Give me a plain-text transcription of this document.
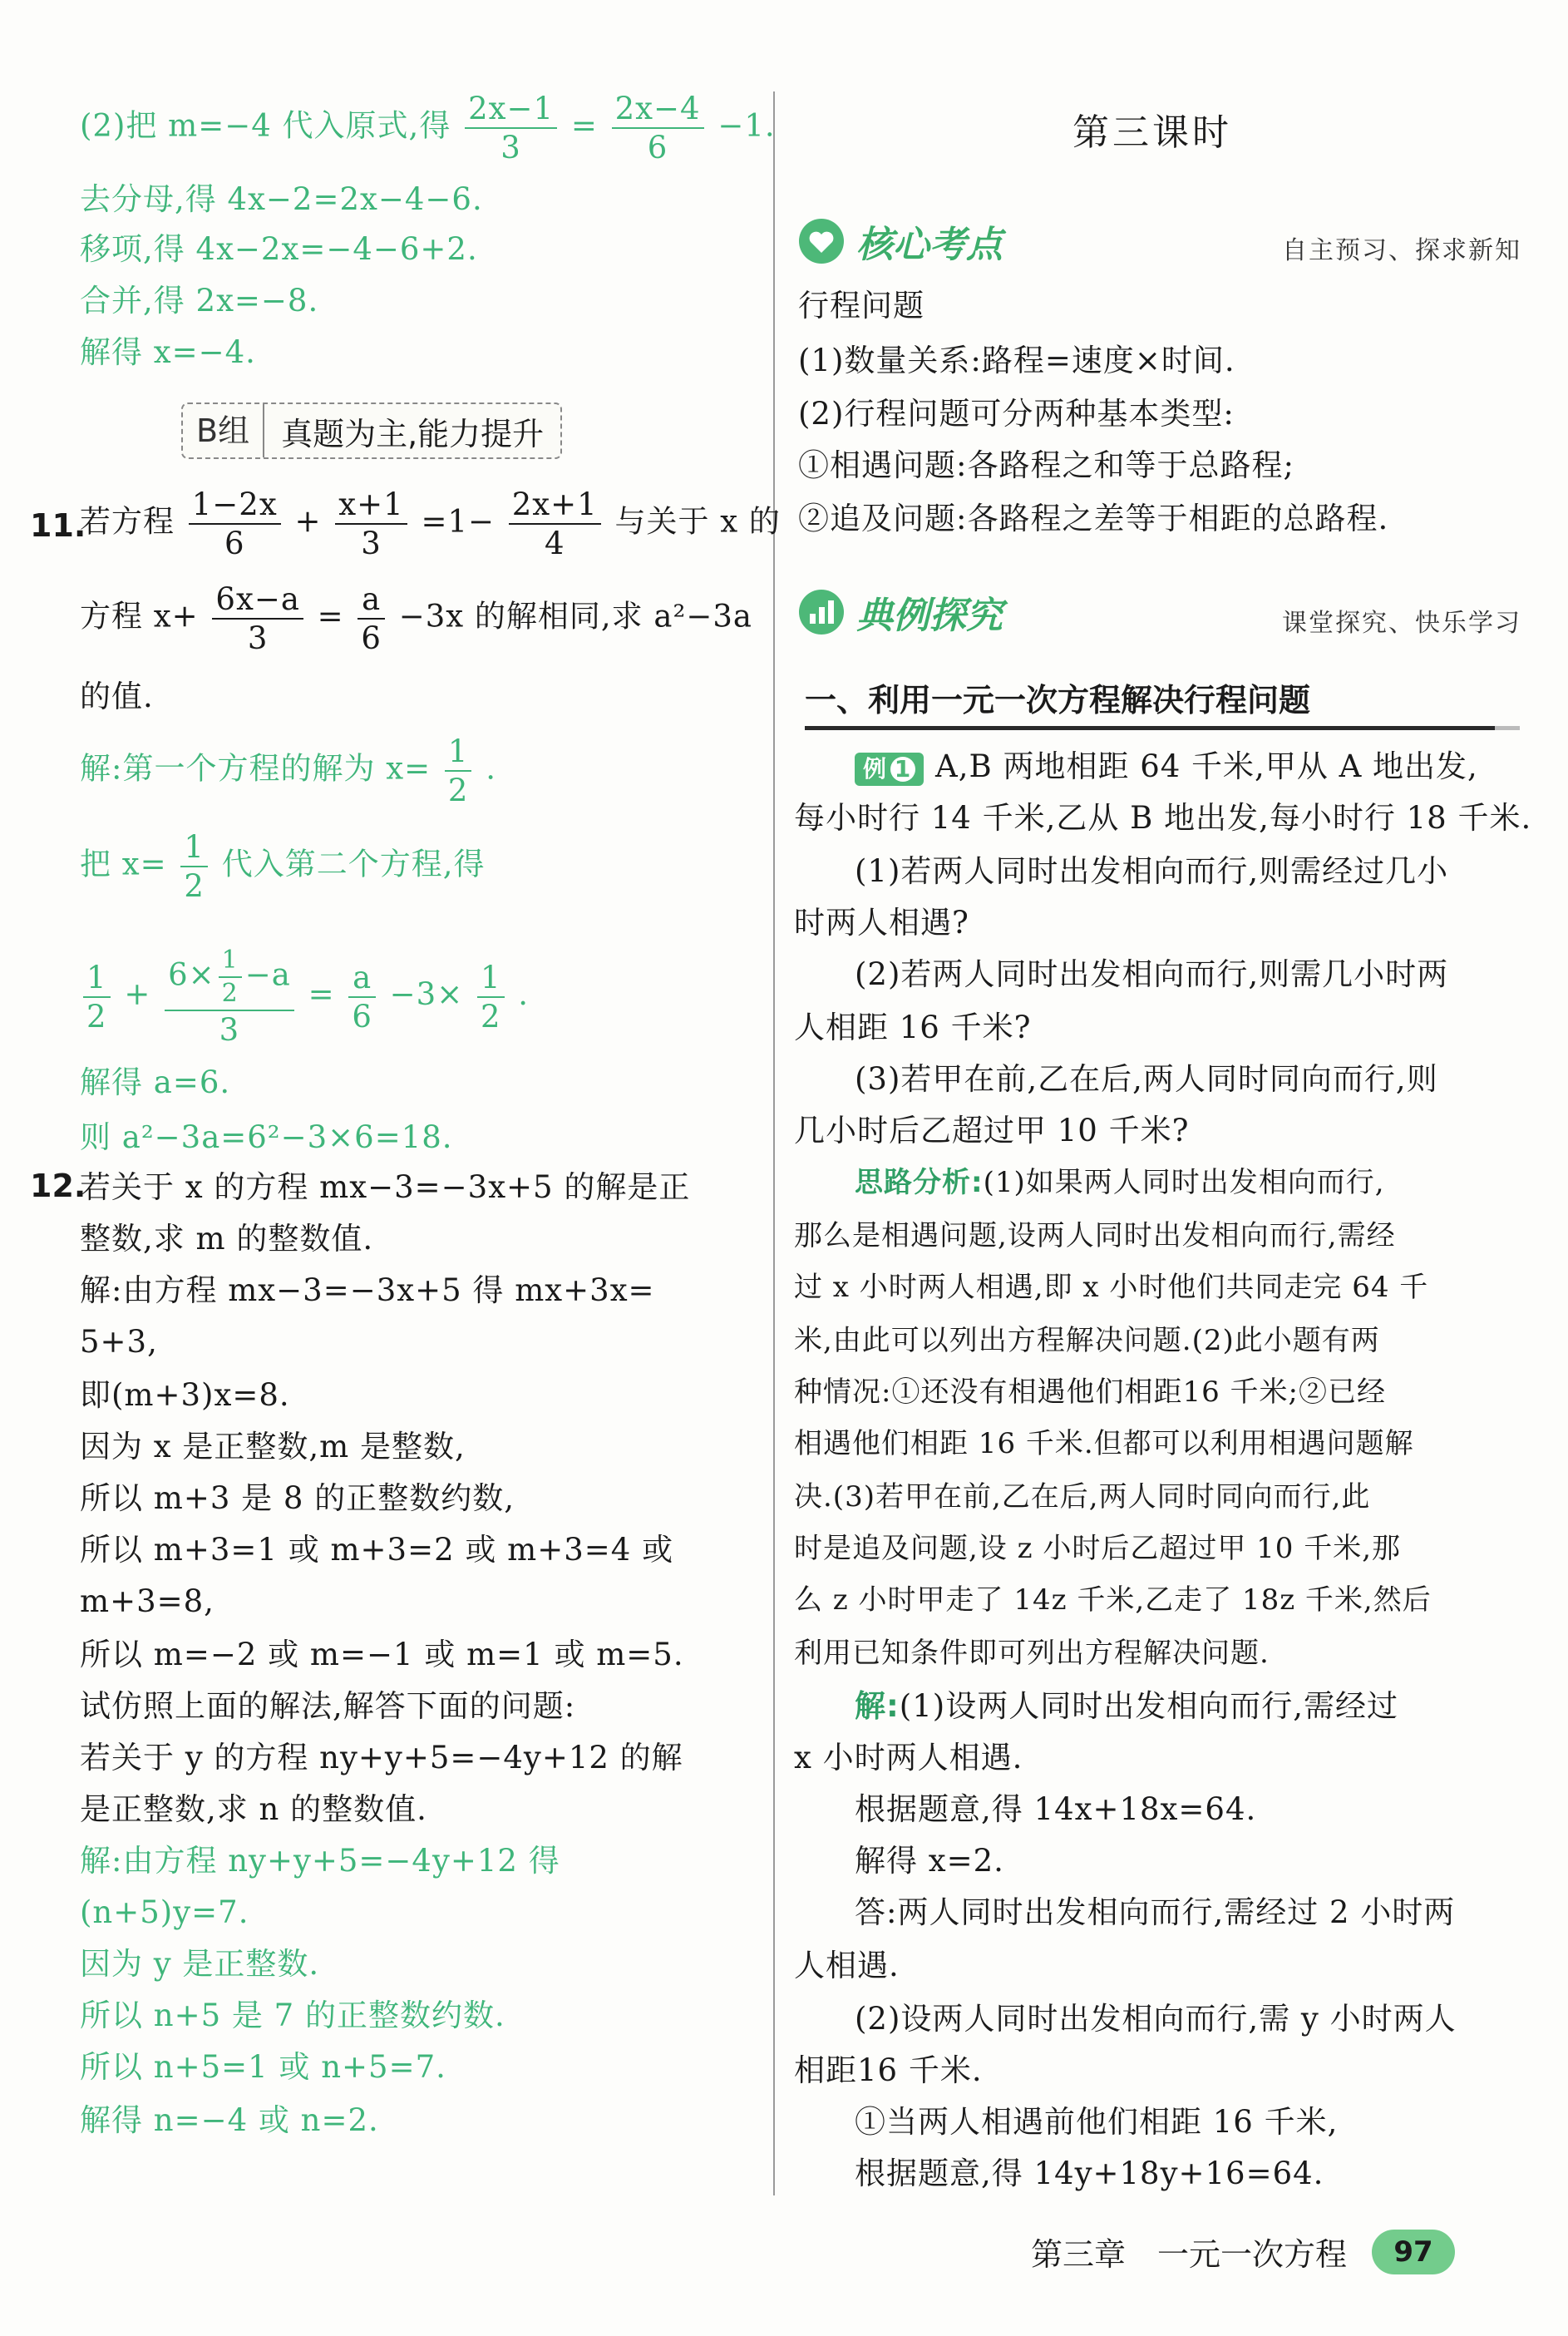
(2)把 m=−4 代入原式,得 $\frac{2x-1}{3} = \frac{2x-4}{6} -1$.
去分母,得 4x−2=2x−4−6.
移项,得 4x−2x=−4−6+2.
合并,得 2x=−8.
解得 x=−4.
B组	真题为主,能力提升
11.
若方程 $\frac{1-2x}{6} + \frac{x+1}{3} =1- \frac{2x+1}{4}$ 与关于 x 的
方程 $x+ \frac{6x-a}{3} = \frac{a}{6} -3x$ 的解相同,求 a²−3a
的值.
解:第一个方程的解为 $x= \frac{1}{2}$ .
把 $x= \frac{1}{2}$ 代入第二个方程,得
$\frac{1}{2} + \frac{6\times \frac{1}{2} -a}{3} = \frac{a}{6} -3\times \frac{1}{2}$ .
解得 a=6.
则 a²−3a=6²−3×6=18.
12.
若关于 x 的方程 mx−3=−3x+5 的解是正
整数,求 m 的整数值.
解:由方程 mx−3=−3x+5 得 mx+3x=
5+3,
即(m+3)x=8.
因为 x 是正整数,m 是整数,
所以 m+3 是 8 的正整数约数,
所以 m+3=1 或 m+3=2 或 m+3=4 或
m+3=8,
所以 m=−2 或 m=−1 或 m=1 或 m=5.
试仿照上面的解法,解答下面的问题:
若关于 y 的方程 ny+y+5=−4y+12 的解
是正整数,求 n 的整数值.
解:由方程 ny+y+5=−4y+12 得
(n+5)y=7.
因为 y 是正整数.
所以 n+5 是 7 的正整数约数.
所以 n+5=1 或 n+5=7.
解得 n=−4 或 n=2.
第三课时
核心考点	自主预习、探求新知
行程问题
(1)数量关系:路程=速度×时间.
(2)行程问题可分两种基本类型:
①相遇问题:各路程之和等于总路程;
②追及问题:各路程之差等于相距的总路程.
典例探究	课堂探究、快乐学习
一、利用一元一次方程解决行程问题
例 1 A,B 两地相距 64 千米,甲从 A 地出发,
每小时行 14 千米,乙从 B 地出发,每小时行 18 千米.
(1)若两人同时出发相向而行,则需经过几小
时两人相遇?
(2)若两人同时出发相向而行,则需几小时两
人相距 16 千米?
(3)若甲在前,乙在后,两人同时同向而行,则
几小时后乙超过甲 10 千米?
思路分析:(1)如果两人同时出发相向而行,
那么是相遇问题,设两人同时出发相向而行,需经
过 x 小时两人相遇,即 x 小时他们共同走完 64 千
米,由此可以列出方程解决问题.(2)此小题有两
种情况:①还没有相遇他们相距16 千米;②已经
相遇他们相距 16 千米.但都可以利用相遇问题解
决.(3)若甲在前,乙在后,两人同时同向而行,此
时是追及问题,设 z 小时后乙超过甲 10 千米,那
么 z 小时甲走了 14z 千米,乙走了 18z 千米,然后
利用已知条件即可列出方程解决问题.
解:(1)设两人同时出发相向而行,需经过
x 小时两人相遇.
根据题意,得 14x+18x=64.
解得 x=2.
答:两人同时出发相向而行,需经过 2 小时两
人相遇.
(2)设两人同时出发相向而行,需 y 小时两人
相距16 千米.
①当两人相遇前他们相距 16 千米,
根据题意,得 14y+18y+16=64.
第三章　一元一次方程	97
